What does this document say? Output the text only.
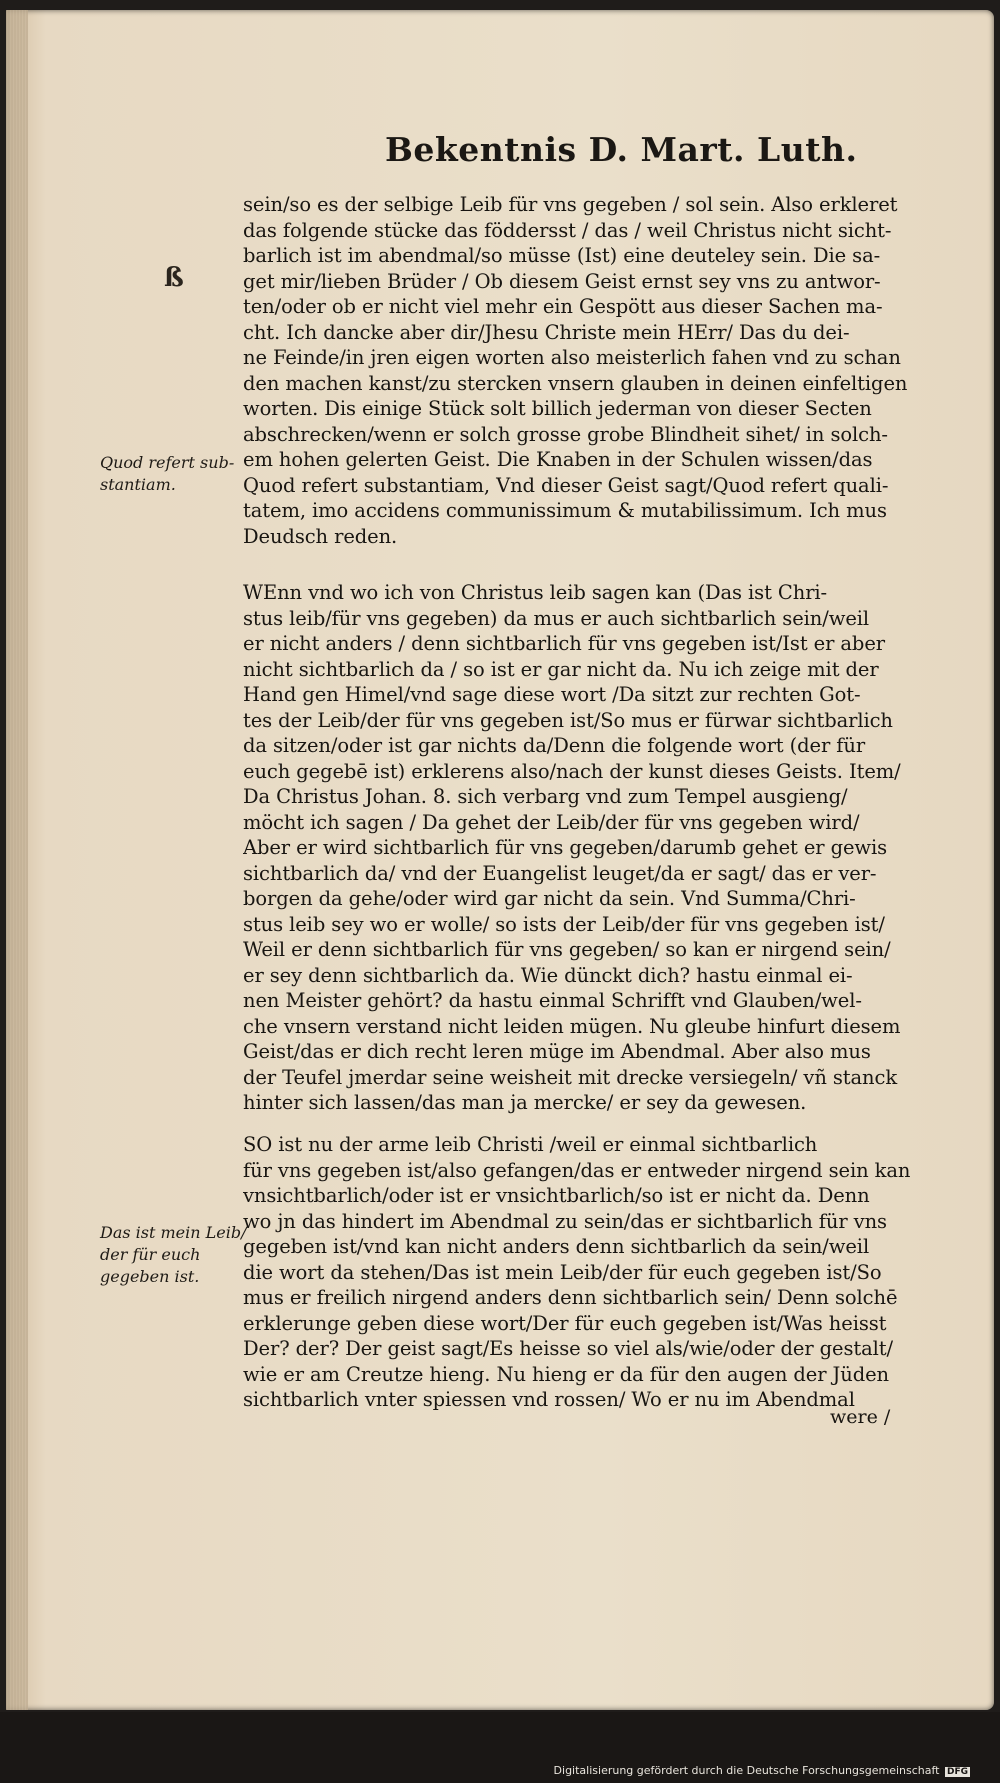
Bekentnis D. Mart. Luth.
ß
Quod refert substantiam.
Das ist mein Leib/ der für euch gegeben ist.
sein/so es der selbige Leib für vns gegeben / sol sein. Also erkleret
das folgende stücke das föddersst / das / weil Christus nicht sicht-
barlich ist im abendmal/so müsse (Ist) eine deuteley sein. Die sa-
get mir/lieben Brüder / Ob diesem Geist ernst sey vns zu antwor-
ten/oder ob er nicht viel mehr ein Gespött aus dieser Sachen ma-
cht. Ich dancke aber dir/Jhesu Christe mein HErr/ Das du dei-
ne Feinde/in jren eigen worten also meisterlich fahen vnd zu schan
den machen kanst/zu stercken vnsern glauben in deinen einfeltigen
worten. Dis einige Stück solt billich jederman von dieser Secten
abschrecken/wenn er solch grosse grobe Blindheit sihet/ in solch-
em hohen gelerten Geist. Die Knaben in der Schulen wissen/das
Quod refert substantiam, Vnd dieser Geist sagt/Quod refert quali-
tatem, imo accidens communissimum & mutabilissimum. Ich mus
Deudsch reden.
WEnn vnd wo ich von Christus leib sagen kan (Das ist Chri-
stus leib/für vns gegeben) da mus er auch sichtbarlich sein/weil
er nicht anders / denn sichtbarlich für vns gegeben ist/Ist er aber
nicht sichtbarlich da / so ist er gar nicht da. Nu ich zeige mit der
Hand gen Himel/vnd sage diese wort /Da sitzt zur rechten Got-
tes der Leib/der für vns gegeben ist/So mus er fürwar sichtbarlich
da sitzen/oder ist gar nichts da/Denn die folgende wort (der für
euch gegebē ist) erklerens also/nach der kunst dieses Geists. Item/
Da Christus Johan. 8. sich verbarg vnd zum Tempel ausgieng/
möcht ich sagen / Da gehet der Leib/der für vns gegeben wird/
Aber er wird sichtbarlich für vns gegeben/darumb gehet er gewis
sichtbarlich da/ vnd der Euangelist leuget/da er sagt/ das er ver-
borgen da gehe/oder wird gar nicht da sein. Vnd Summa/Chri-
stus leib sey wo er wolle/ so ists der Leib/der für vns gegeben ist/
Weil er denn sichtbarlich für vns gegeben/ so kan er nirgend sein/
er sey denn sichtbarlich da. Wie dünckt dich? hastu einmal ei-
nen Meister gehört? da hastu einmal Schrifft vnd Glauben/wel-
che vnsern verstand nicht leiden mügen. Nu gleube hinfurt diesem
Geist/das er dich recht leren müge im Abendmal. Aber also mus
der Teufel jmerdar seine weisheit mit drecke versiegeln/ vñ stanck
hinter sich lassen/das man ja mercke/ er sey da gewesen.
SO ist nu der arme leib Christi /weil er einmal sichtbarlich
für vns gegeben ist/also gefangen/das er entweder nirgend sein kan
vnsichtbarlich/oder ist er vnsichtbarlich/so ist er nicht da. Denn
wo jn das hindert im Abendmal zu sein/das er sichtbarlich für vns
gegeben ist/vnd kan nicht anders denn sichtbarlich da sein/weil
die wort da stehen/Das ist mein Leib/der für euch gegeben ist/So
mus er freilich nirgend anders denn sichtbarlich sein/ Denn solchē
erklerunge geben diese wort/Der für euch gegeben ist/Was heisst
Der? der? Der geist sagt/Es heisse so viel als/wie/oder der gestalt/
wie er am Creutze hieng. Nu hieng er da für den augen der Jüden
sichtbarlich vnter spiessen vnd rossen/ Wo er nu im Abendmal
were /
Digitalisierung gefördert durch die Deutsche Forschungsgemeinschaft DFG
